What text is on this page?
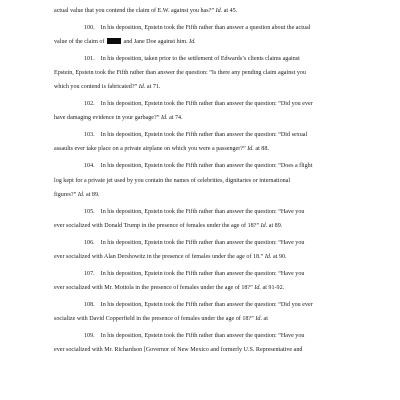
actual value that you contend the claim of E.W. against you has?” Id. at 45.
100. In his deposition, Epstein took the Fifth rather than answer a question about the actual
value of the claim of	and Jane Doe against him. Id.
101. In his deposition, taken prior to the settlement of Edwards’s clients claims against
Epstein, Epstein took the Fifth rather than answer the question: “Is there any pending claim against you
which you contend is fabricated?” Id. at 71.
102. In his deposition, Epstein took the Fifth rather than answer the question: “Did you ever
have damaging evidence in your garbage?” Id. at 74.
103. In his deposition, Epstein took the Fifth rather than answer the question: “Did sexual
assaults ever take place on a private airplane on which you were a passenger?” Id. at 88.
104. In his deposition, Epstein took the Fifth rather than answer the question: “Does a flight
log kept for a private jet used by you contain the names of celebrities, dignitaries or international
figures?” Id. at 89.
105. In his deposition, Epstein took the Fifth rather than answer the question: “Have you
ever socialized with Donald Trump in the presence of females under the age of 18?” Id. at 89.
106. In his deposition, Epstein took the Fifth rather than answer the question: “Have you
ever socialized with Alan Dershowitz in the presence of females under the age of 18.” Id. at 90.
107. In his deposition, Epstein took the Fifth rather than answer the question: “Have you
ever socialized with Mr. Mottola in the presence of females under the age of 18?” Id. at 91-92.
108. In his deposition, Epstein took the Fifth rather than answer the question: “Did you ever
socialize with David Copperfield in the presence of females under the age of 18?” Id. at
109. In his deposition, Epstein took the Fifth rather than answer the question: “Have you
ever socialized with Mr. Richardson [Governor of New Mexico and formerly U.S. Representative and
